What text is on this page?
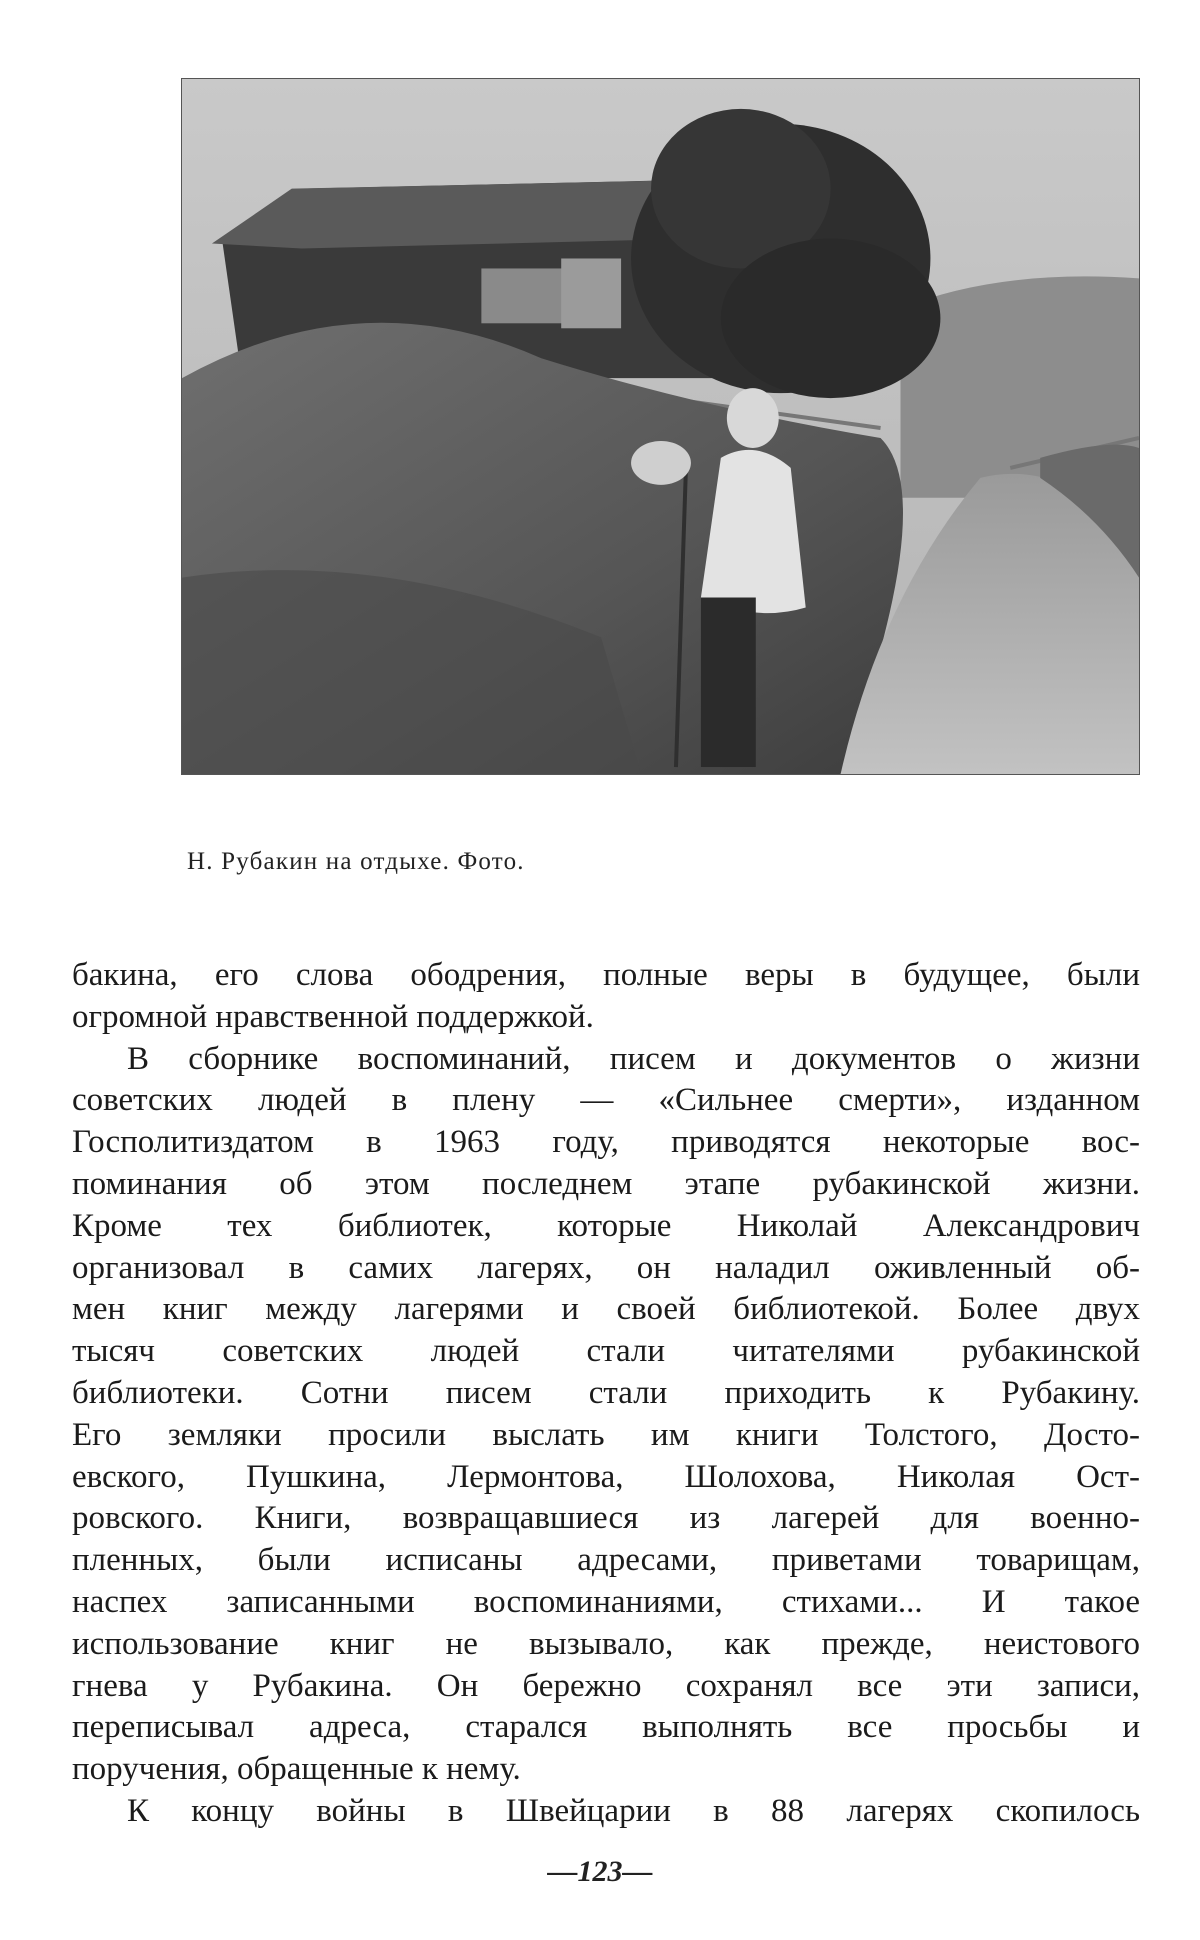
Н. Рубакин на отдыхе. Фото.
бакина, его слова ободрения, полные веры в будущее, были
огромной нравственной поддержкой.
В сборнике воспоминаний, писем и документов о жизни
советских людей в плену — «Сильнее смерти», изданном
Госполитиздатом в 1963 году, приводятся некоторые вос-
поминания об этом последнем этапе рубакинской жизни.
Кроме тех библиотек, которые Николай Александрович
организовал в самих лагерях, он наладил оживленный об-
мен книг между лагерями и своей библиотекой. Более двух
тысяч советских людей стали читателями рубакинской
библиотеки. Сотни писем стали приходить к Рубакину.
Его земляки просили выслать им книги Толстого, Досто-
евского, Пушкина, Лермонтова, Шолохова, Николая Ост-
ровского. Книги, возвращавшиеся из лагерей для военно-
пленных, были исписаны адресами, приветами товарищам,
наспех записанными воспоминаниями, стихами... И такое
использование книг не вызывало, как прежде, неистового
гнева у Рубакина. Он бережно сохранял все эти записи,
переписывал адреса, старался выполнять все просьбы и
поручения, обращенные к нему.
К концу войны в Швейцарии в 88 лагерях скопилось
—123—
